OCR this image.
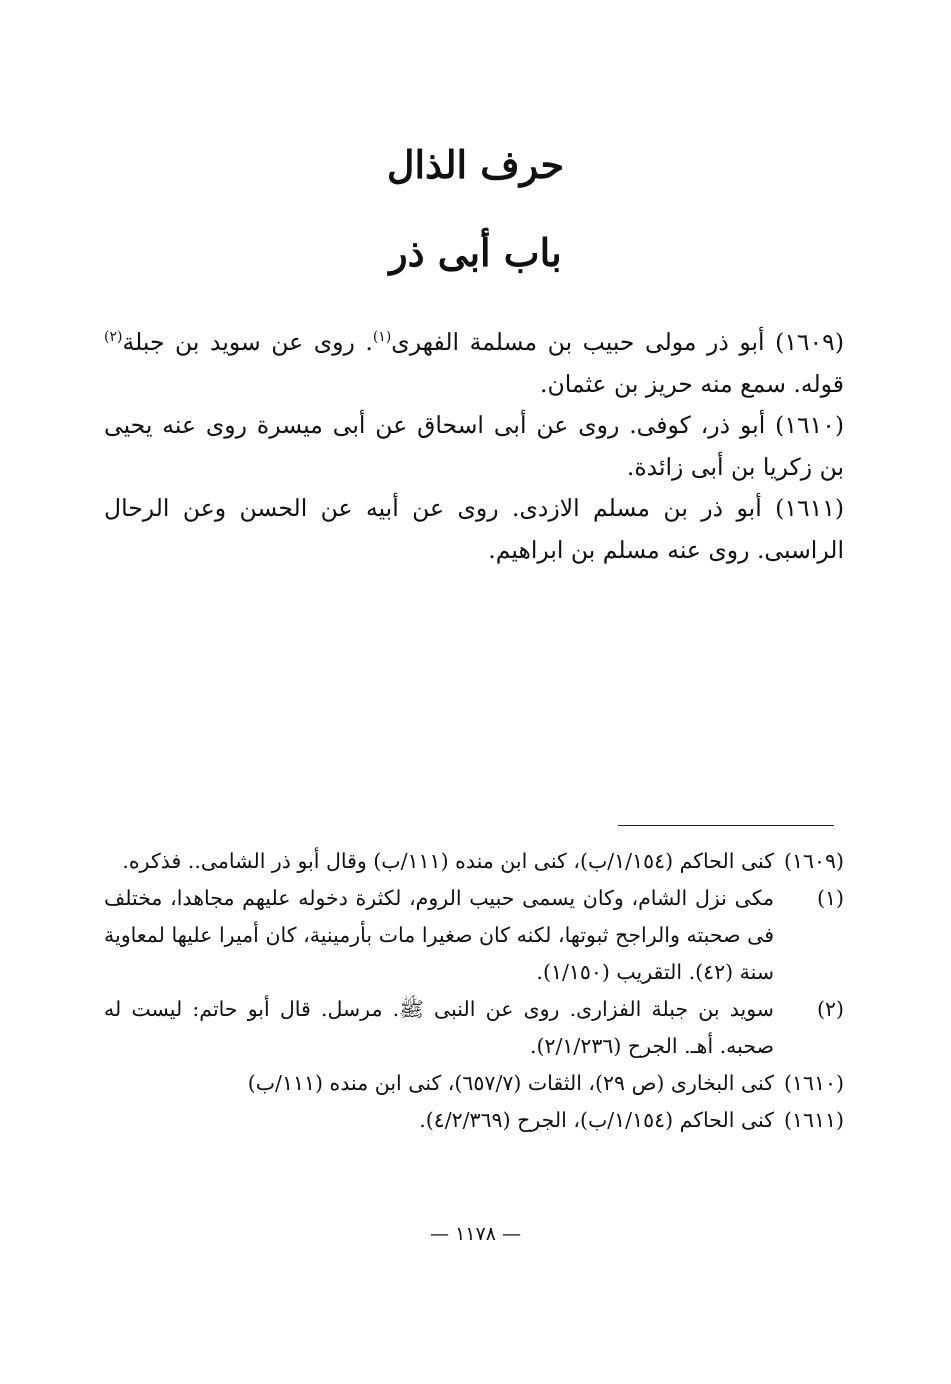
حرف الذال
باب أبى ذر

(١٦٠٩) أبو ذر مولى حبيب بن مسلمة الفهرى$^{(١)}$. روى عن سويد بن جبلة$^{(٢)}$ قوله. سمع منه حريز بن عثمان.

(١٦١٠) أبو ذر، كوفى. روى عن أبى اسحاق عن أبى ميسرة روى عنه يحيى بن زكريا بن أبى زائدة.

(١٦١١) أبو ذر بن مسلم الازدى. روى عن أبيه عن الحسن وعن الرحال الراسبى. روى عنه مسلم بن ابراهيم.

(١٦٠٩)
كنى الحاكم (١/١٥٤/ب)، كنى ابن منده (١١١/ب) وقال أبو ذر الشامى.. فذكره.
(١)
مكى نزل الشام، وكان يسمى حبيب الروم، لكثرة دخوله عليهم مجاهدا، مختلف فى صحبته والراجح ثبوتها، لكنه كان صغيرا مات بأرمينية، كان أميرا عليها لمعاوية سنة (٤٢). التقريب (١/١٥٠).
(٢)
سويد بن جبلة الفزارى. روى عن النبى ﷺ. مرسل. قال أبو حاتم: ليست له صحبه. أهـ. الجرح (٢/١/٢٣٦).
(١٦١٠)
كنى البخارى (ص ٢٩)، الثقات (٦٥٧/٧)، كنى ابن منده (١١١/ب)
(١٦١١)
كنى الحاكم (١/١٥٤/ب)، الجرح (٤/٢/٣٦٩).
— ١١٧٨ —
